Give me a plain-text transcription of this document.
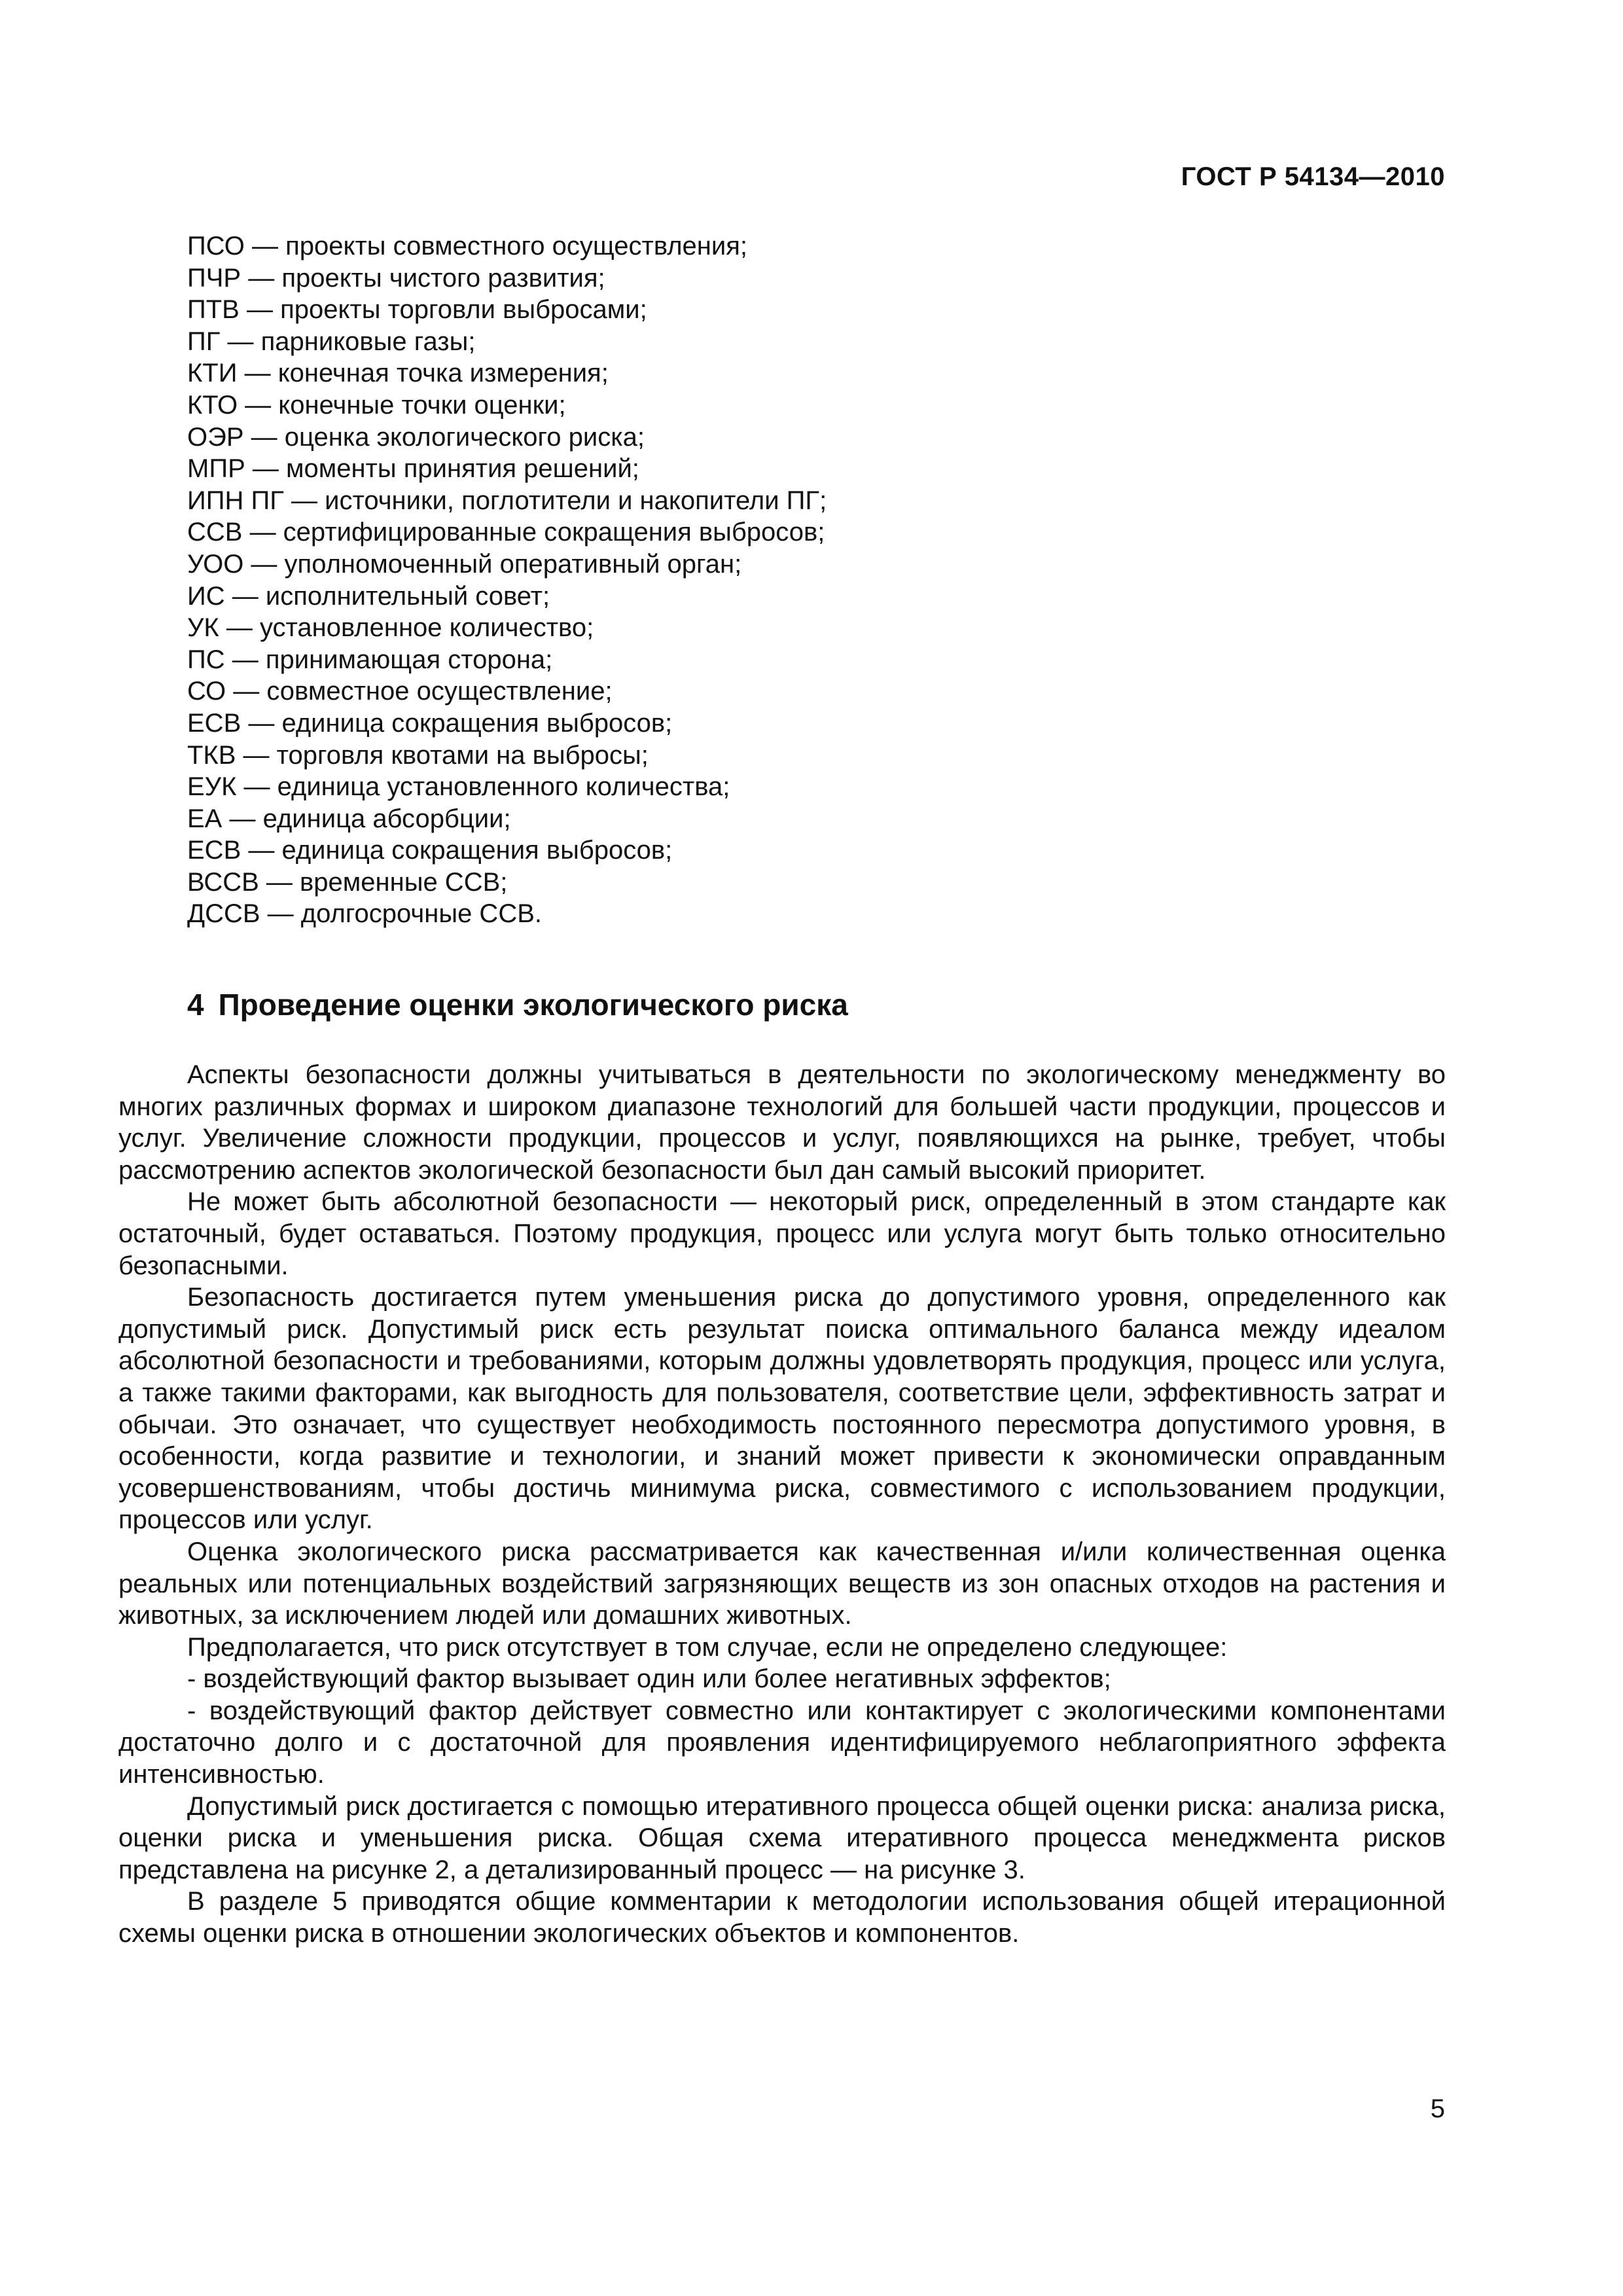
ГОСТ Р 54134—2010
ПСО — проекты совместного осуществления;
ПЧР — проекты чистого развития;
ПТВ — проекты торговли выбросами;
ПГ — парниковые газы;
КТИ — конечная точка измерения;
КТО — конечные точки оценки;
ОЭР — оценка экологического риска;
МПР — моменты принятия решений;
ИПН ПГ — источники, поглотители и накопители ПГ;
ССВ — сертифицированные сокращения выбросов;
УОО — уполномоченный оперативный орган;
ИС — исполнительный совет;
УК — установленное количество;
ПС — принимающая сторона;
СО — совместное осуществление;
ЕСВ — единица сокращения выбросов;
ТКВ — торговля квотами на выбросы;
ЕУК — единица установленного количества;
ЕА — единица абсорбции;
ЕСВ — единица сокращения выбросов;
ВССВ — временные ССВ;
ДССВ — долгосрочные ССВ.
4 Проведение оценки экологического риска

Аспекты безопасности должны учитываться в деятельности по экологическому менеджменту во многих различных формах и широком диапазоне технологий для большей части продукции, процессов и услуг. Увеличение сложности продукции, процессов и услуг, появляющихся на рынке, требует, чтобы рассмотрению аспектов экологической безопасности был дан самый высокий приоритет.

Не может быть абсолютной безопасности — некоторый риск, определенный в этом стандарте как остаточный, будет оставаться. Поэтому продукция, процесс или услуга могут быть только относительно безопасными.

Безопасность достигается путем уменьшения риска до допустимого уровня, определенного как допустимый риск. Допустимый риск есть результат поиска оптимального баланса между идеалом абсолютной безопасности и требованиями, которым должны удовлетворять продукция, процесс или услуга, а также такими факторами, как выгодность для пользователя, соответствие цели, эффективность затрат и обычаи. Это означает, что существует необходимость постоянного пересмотра допустимого уровня, в особенности, когда развитие и технологии, и знаний может привести к экономически оправданным усовершенствованиям, чтобы достичь минимума риска, совместимого с использованием продукции, процессов или услуг.

Оценка экологического риска рассматривается как качественная и/или количественная оценка реальных или потенциальных воздействий загрязняющих веществ из зон опасных отходов на растения и животных, за исключением людей или домашних животных.

Предполагается, что риск отсутствует в том случае, если не определено следующее:

- воздействующий фактор вызывает один или более негативных эффектов;

- воздействующий фактор действует совместно или контактирует с экологическими компонентами достаточно долго и с достаточной для проявления идентифицируемого неблагоприятного эффекта интенсивностью.

Допустимый риск достигается с помощью итеративного процесса общей оценки риска: анализа риска, оценки риска и уменьшения риска. Общая схема итеративного процесса менеджмента рисков представлена на рисунке 2, а детализированный процесс — на рисунке 3.

В разделе 5 приводятся общие комментарии к методологии использования общей итерационной схемы оценки риска в отношении экологических объектов и компонентов.

5
